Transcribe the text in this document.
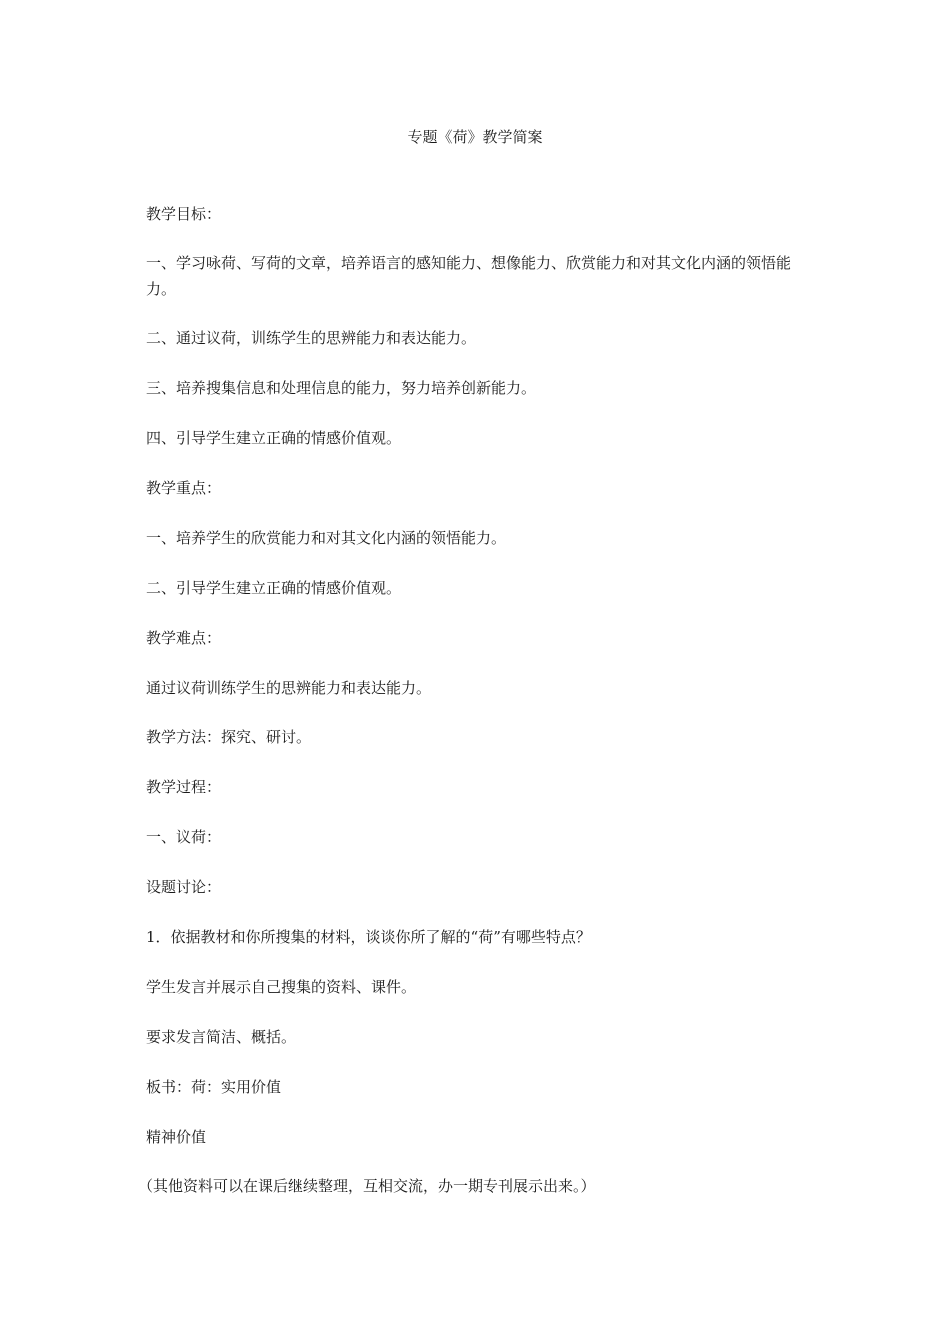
专题《荷》教学简案
教学目标：
一、学习咏荷、写荷的文章，培养语言的感知能力、想像能力、欣赏能力和对其文化内涵的领悟能力。
二、通过议荷，训练学生的思辨能力和表达能力。
三、培养搜集信息和处理信息的能力，努力培养创新能力。
四、引导学生建立正确的情感价值观。
教学重点：
一、培养学生的欣赏能力和对其文化内涵的领悟能力。
二、引导学生建立正确的情感价值观。
教学难点：
通过议荷训练学生的思辨能力和表达能力。
教学方法：探究、研讨。
教学过程：
一、议荷：
设题讨论：
1．依据教材和你所搜集的材料，谈谈你所了解的“荷”有哪些特点？
学生发言并展示自己搜集的资料、课件。
要求发言简洁、概括。
板书：荷：实用价值
精神价值
（其他资料可以在课后继续整理，互相交流，办一期专刊展示出来。）
